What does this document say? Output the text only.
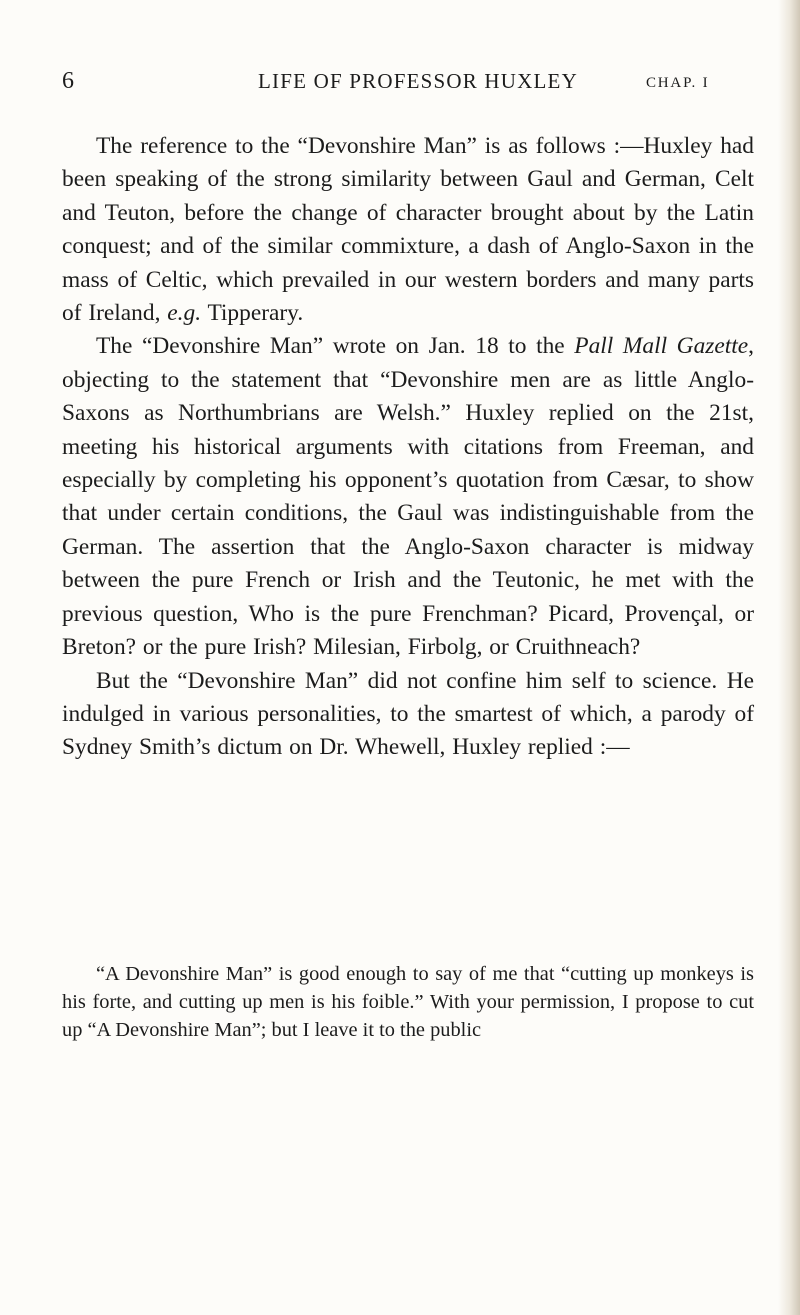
6	LIFE OF PROFESSOR HUXLEY	CHAP. I

The reference to the “Devonshire Man” is as follows :—Huxley had been speaking of the strong similarity between Gaul and German, Celt and Teuton, before the change of character brought about by the Latin conquest; and of the similar commixture, a dash of Anglo-Saxon in the mass of Celtic, which prevailed in our western borders and many parts of Ireland, e.g. Tipperary.

The “Devonshire Man” wrote on Jan. 18 to the Pall Mall Gazette, objecting to the statement that “Devonshire men are as little Anglo-Saxons as Northumbrians are Welsh.” Huxley replied on the 21st, meeting his historical arguments with citations from Freeman, and especially by completing his opponent’s quotation from Cæsar, to show that under certain conditions, the Gaul was indistinguishable from the German. The assertion that the Anglo-Saxon character is midway between the pure French or Irish and the Teutonic, he met with the previous question, Who is the pure Frenchman? Picard, Provençal, or Breton? or the pure Irish? Milesian, Firbolg, or Cruithneach?

But the “Devonshire Man” did not confine him self to science. He indulged in various personalities, to the smartest of which, a parody of Sydney Smith’s dictum on Dr. Whewell, Huxley replied :—

“A Devonshire Man” is good enough to say of me that “cutting up monkeys is his forte, and cutting up men is his foible.” With your permission, I propose to cut up “A Devonshire Man”; but I leave it to the public
